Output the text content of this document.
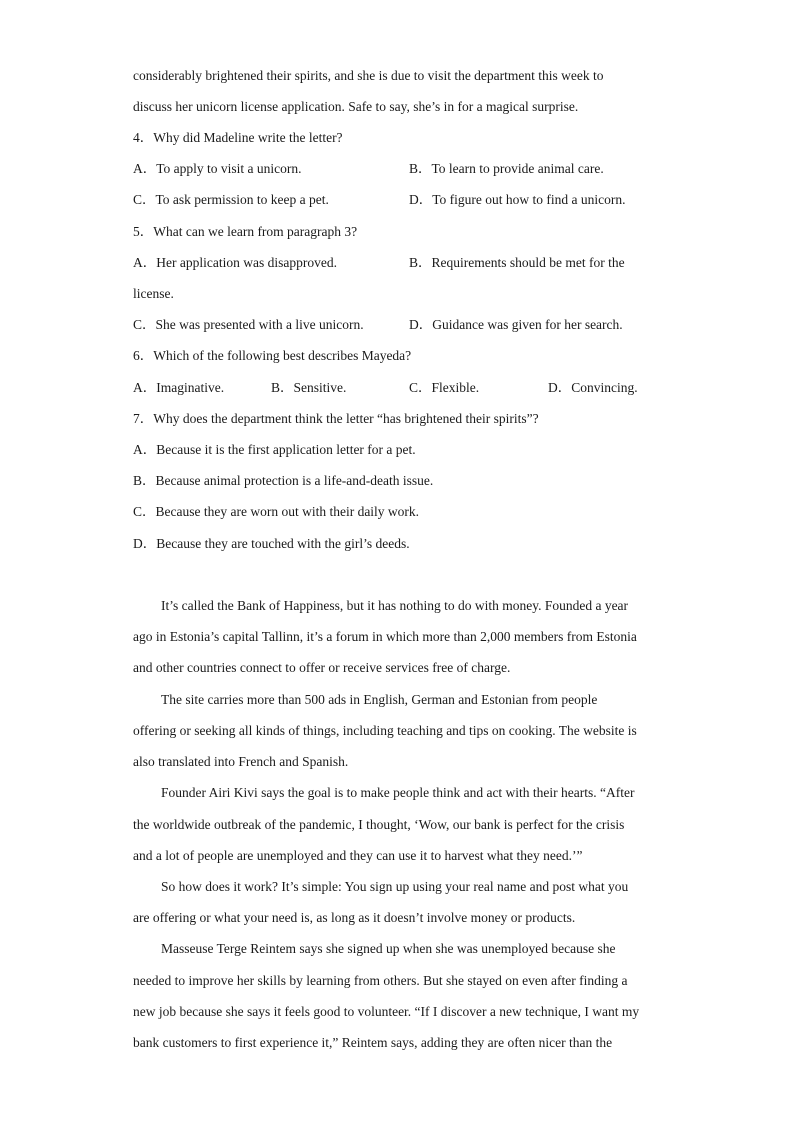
considerably brightened their spirits, and she is due to visit the department this week to
discuss her unicorn license application. Safe to say, she’s in for a magical surprise.
4．Why did Madeline write the letter?
A．To apply to visit a unicorn.	B．To learn to provide animal care.
C．To ask permission to keep a pet.	D．To figure out how to find a unicorn.
5．What can we learn from paragraph 3?
A．Her application was disapproved.	B．Requirements should be met for the
license.
C．She was presented with a live unicorn.	D．Guidance was given for her search.
6．Which of the following best describes Mayeda?
A．Imaginative.	B．Sensitive.	C．Flexible.	D．Convincing.
7．Why does the department think the letter “has brightened their spirits”?
A．Because it is the first application letter for a pet.
B．Because animal protection is a life-and-death issue.
C．Because they are worn out with their daily work.
D．Because they are touched with the girl’s deeds.
It’s called the Bank of Happiness, but it has nothing to do with money. Founded a year
ago in Estonia’s capital Tallinn, it’s a forum in which more than 2,000 members from Estonia
and other countries connect to offer or receive services free of charge.
The site carries more than 500 ads in English, German and Estonian from people
offering or seeking all kinds of things, including teaching and tips on cooking. The website is
also translated into French and Spanish.
Founder Airi Kivi says the goal is to make people think and act with their hearts. “After
the worldwide outbreak of the pandemic, I thought, ‘Wow, our bank is perfect for the crisis
and a lot of people are unemployed and they can use it to harvest what they need.’”
So how does it work? It’s simple: You sign up using your real name and post what you
are offering or what your need is, as long as it doesn’t involve money or products.
Masseuse Terge Reintem says she signed up when she was unemployed because she
needed to improve her skills by learning from others. But she stayed on even after finding a
new job because she says it feels good to volunteer. “If I discover a new technique, I want my
bank customers to first experience it,” Reintem says, adding they are often nicer than the
